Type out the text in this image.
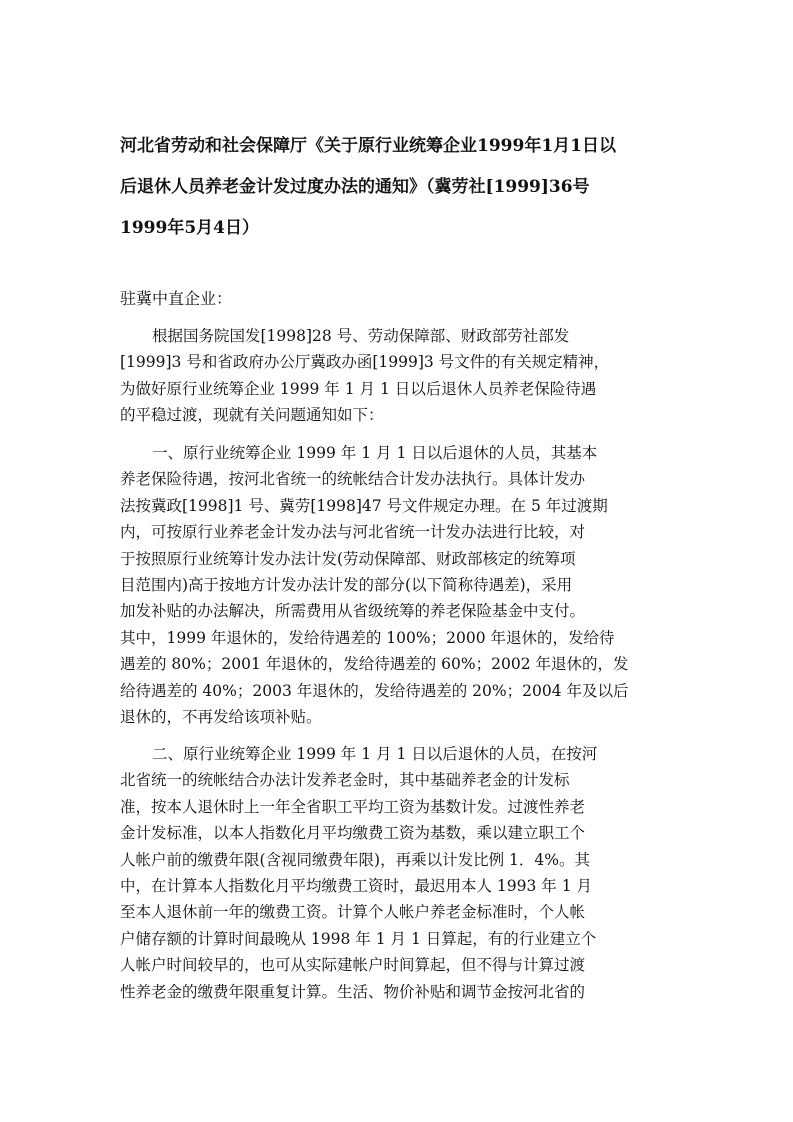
河北省劳动和社会保障厅《关于原行业统筹企业1999年1月1日以
后退休人员养老金计发过度办法的通知》（冀劳社[1999]36号
1999年5月4日）
驻冀中直企业：
根据国务院国发[1998]28 号、劳动保障部、财政部劳社部发
[1999]3 号和省政府办公厅冀政办函[1999]3 号文件的有关规定精神，
为做好原行业统筹企业 1999 年 1 月 1 日以后退休人员养老保险待遇
的平稳过渡，现就有关问题通知如下：
一、原行业统筹企业 1999 年 1 月 1 日以后退休的人员，其基本
养老保险待遇，按河北省统一的统帐结合计发办法执行。具体计发办
法按冀政[1998]1 号、冀劳[1998]47 号文件规定办理。在 5 年过渡期
内，可按原行业养老金计发办法与河北省统一计发办法进行比较，对
于按照原行业统筹计发办法计发(劳动保障部、财政部核定的统筹项
目范围内)高于按地方计发办法计发的部分(以下简称待遇差)，采用
加发补贴的办法解决，所需费用从省级统筹的养老保险基金中支付。
其中，1999 年退休的，发给待遇差的 100%；2000 年退休的，发给待
遇差的 80%；2001 年退休的，发给待遇差的 60%；2002 年退休的，发
给待遇差的 40%；2003 年退休的，发给待遇差的 20%；2004 年及以后
退休的，不再发给该项补贴。
二、原行业统筹企业 1999 年 1 月 1 日以后退休的人员，在按河
北省统一的统帐结合办法计发养老金时，其中基础养老金的计发标
准，按本人退休时上一年全省职工平均工资为基数计发。过渡性养老
金计发标准，以本人指数化月平均缴费工资为基数，乘以建立职工个
人帐户前的缴费年限(含视同缴费年限)，再乘以计发比例 1．4%。其
中，在计算本人指数化月平均缴费工资时，最迟用本人 1993 年 1 月
至本人退休前一年的缴费工资。计算个人帐户养老金标准时，个人帐
户储存额的计算时间最晚从 1998 年 1 月 1 日算起，有的行业建立个
人帐户时间较早的，也可从实际建帐户时间算起，但不得与计算过渡
性养老金的缴费年限重复计算。生活、物价补贴和调节金按河北省的
